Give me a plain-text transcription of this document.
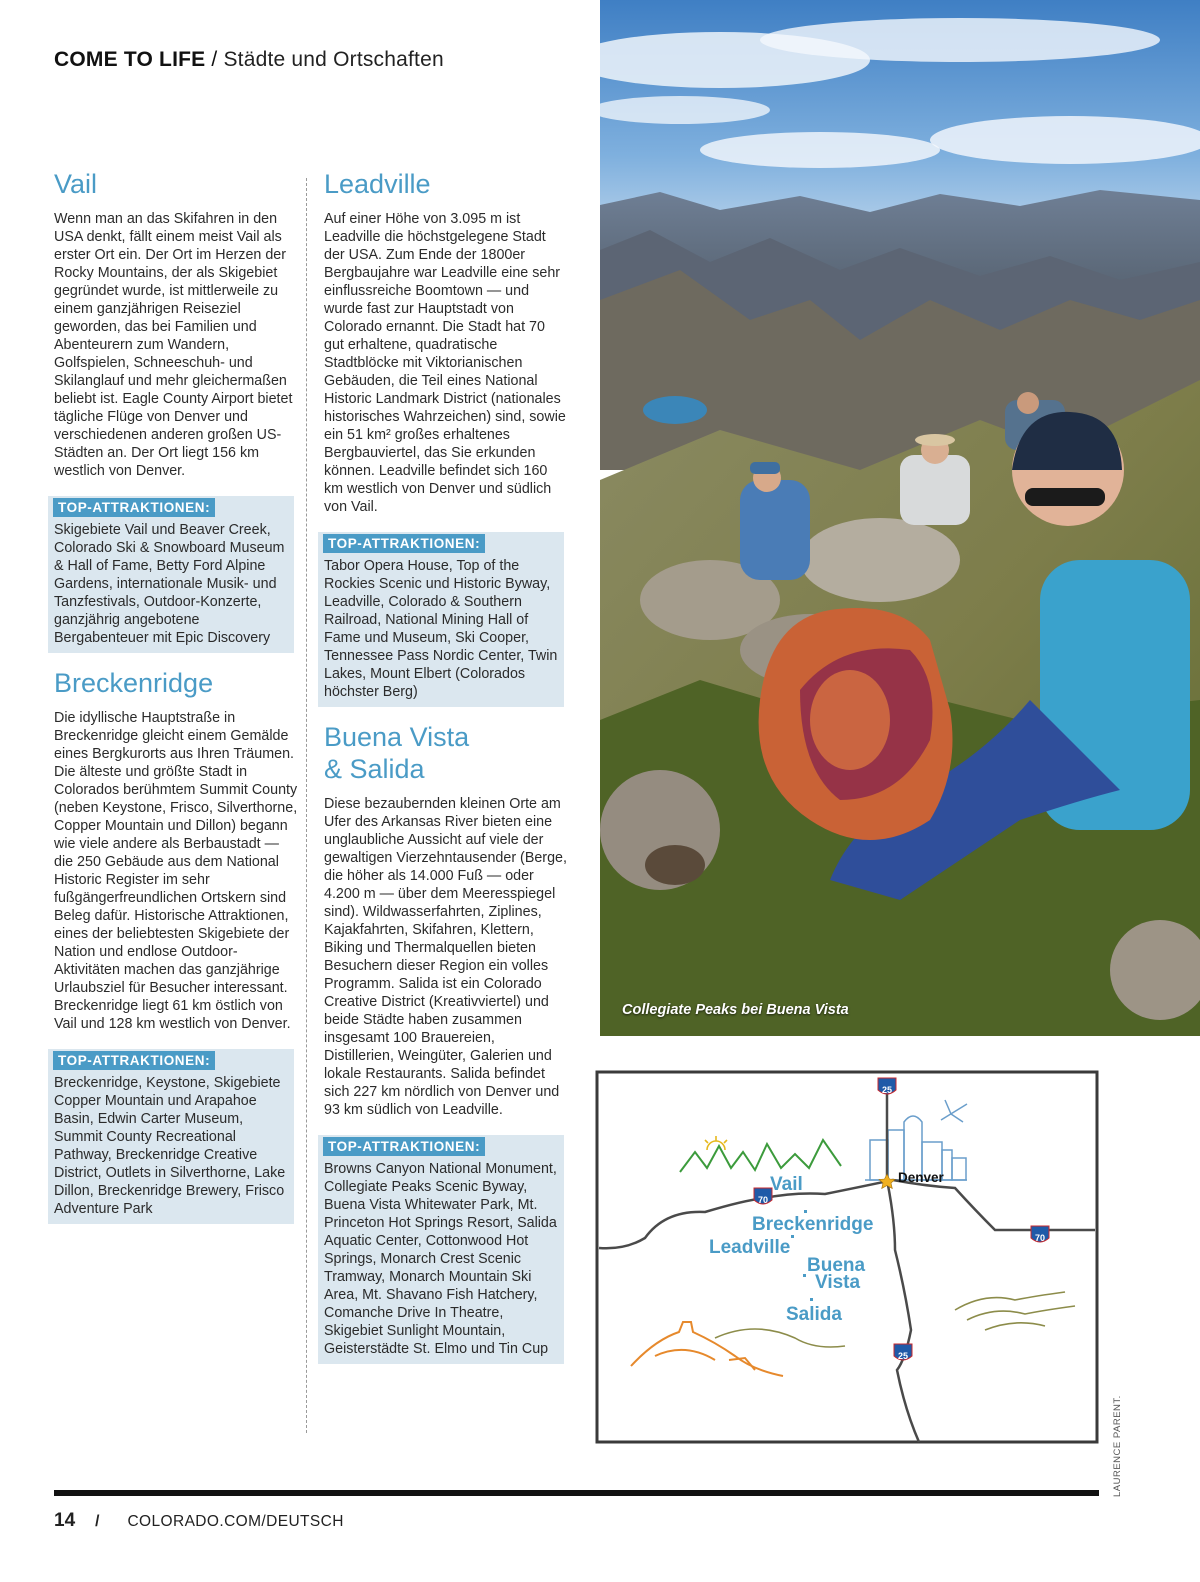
COME TO LIFE / Städte und Ortschaften
Vail

Wenn man an das Skifahren in den USA denkt, fällt einem meist Vail als erster Ort ein. Der Ort im Herzen der Rocky Mountains, der als Skigebiet gegründet wurde, ist mittlerweile zu einem ganzjährigen Reiseziel geworden, das bei Familien und Abenteurern zum Wandern, Golfspielen, Schneeschuh- und Skilanglauf und mehr gleichermaßen beliebt ist. Eagle County Airport bietet tägliche Flüge von Denver und verschiedenen anderen großen US-Städten an. Der Ort liegt 156 km westlich von Denver.

TOP-ATTRAKTIONEN:

Skigebiete Vail und Beaver Creek, Colorado Ski & Snowboard Museum & Hall of Fame, Betty Ford Alpine Gardens, internationale Musik- und Tanzfestivals, Outdoor-Konzerte, ganzjährig angebotene Bergabenteuer mit Epic Discovery

Breckenridge

Die idyllische Hauptstraße in Breckenridge gleicht einem Gemälde eines Bergkurorts aus Ihren Träumen. Die älteste und größte Stadt in Colorados berühmtem Summit County (neben Keystone, Frisco, Silverthorne, Copper Mountain und Dillon) begann wie viele andere als Berbaustadt — die 250 Gebäude aus dem National Historic Register im sehr fußgängerfreundlichen Ortskern sind Beleg dafür. Historische Attraktionen, eines der beliebtesten Skigebiete der Nation und endlose Outdoor-Aktivitäten machen das ganzjährige Urlaubsziel für Besucher interessant. Breckenridge liegt 61 km östlich von Vail und 128 km westlich von Denver.

TOP-ATTRAKTIONEN:

Breckenridge, Keystone, Skigebiete Copper Mountain und Arapahoe Basin, Edwin Carter Museum, Summit County Recreational Pathway, Breckenridge Creative District, Outlets in Silverthorne, Lake Dillon, Breckenridge Brewery, Frisco Adventure Park

Leadville

Auf einer Höhe von 3.095 m ist Leadville die höchstgelegene Stadt der USA. Zum Ende der 1800er Bergbaujahre war Leadville eine sehr einflussreiche Boomtown — und wurde fast zur Hauptstadt von Colorado ernannt. Die Stadt hat 70 gut erhaltene, quadratische Stadtblöcke mit Viktorianischen Gebäuden, die Teil eines National Historic Landmark District (nationales historisches Wahrzeichen) sind, sowie ein 51 km² großes erhaltenes Bergbauviertel, das Sie erkunden können. Leadville befindet sich 160 km westlich von Denver und südlich von Vail.

TOP-ATTRAKTIONEN:

Tabor Opera House, Top of the Rockies Scenic und Historic Byway, Leadville, Colorado & Southern Railroad, National Mining Hall of Fame und Museum, Ski Cooper, Tennessee Pass Nordic Center, Twin Lakes, Mount Elbert (Colorados höchster Berg)

Buena Vista
& Salida

Diese bezaubernden kleinen Orte am Ufer des Arkansas River bieten eine unglaubliche Aussicht auf viele der gewaltigen Vierzehntausender (Berge, die höher als 14.000 Fuß — oder 4.200 m — über dem Meeresspiegel sind). Wildwasserfahrten, Ziplines, Kajakfahrten, Skifahren, Klettern, Biking und Thermalquellen bieten Besuchern dieser Region ein volles Programm. Salida ist ein Colorado Creative District (Kreativviertel) und beide Städte haben zusammen insgesamt 100 Brauereien, Distillerien, Weingüter, Galerien und lokale Restaurants. Salida befindet sich 227 km nördlich von Denver und 93 km südlich von Leadville.

TOP-ATTRAKTIONEN:

Browns Canyon National Monument, Collegiate Peaks Scenic Byway, Buena Vista Whitewater Park, Mt. Princeton Hot Springs Resort, Salida Aquatic Center, Cottonwood Hot Springs, Monarch Crest Scenic Tramway, Monarch Mountain Ski Area, Mt. Shavano Fish Hatchery, Comanche Drive In Theatre, Skigebiet Sunlight Mountain, Geisterstädte St. Elmo und Tin Cup

Collegiate Peaks bei Buena Vista
25
70
70
25
Denver
Vail
Breckenridge
Leadville
Buena
Vista
Salida
LAURENCE PARENT.
14 / COLORADO.COM/DEUTSCH
